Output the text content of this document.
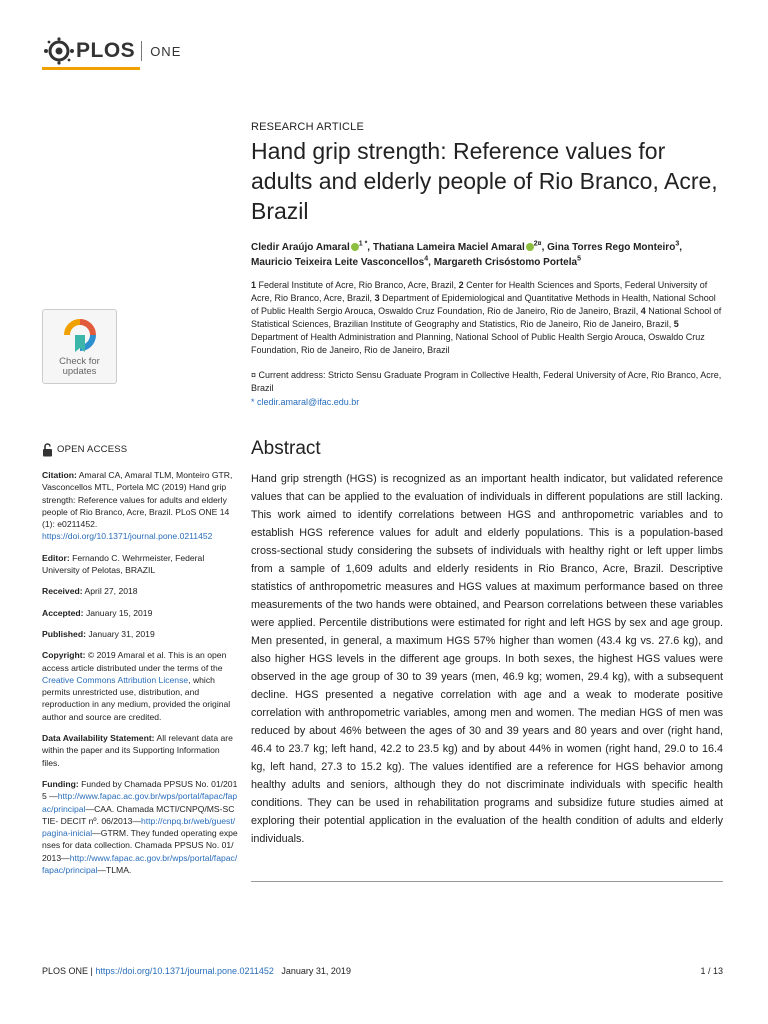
PLOS ONE
RESEARCH ARTICLE
Hand grip strength: Reference values for adults and elderly people of Rio Branco, Acre, Brazil
Cledir Araújo Amaral $^{1 *}$, Thatiana Lameira Maciel Amaral $^{2¤}$, Gina Torres Rego Monteiro$^3$, Mauricio Teixeira Leite Vasconcellos$^4$, Margareth Crisóstomo Portela$^5$
1 Federal Institute of Acre, Rio Branco, Acre, Brazil, 2 Center for Health Sciences and Sports, Federal University of Acre, Rio Branco, Acre, Brazil, 3 Department of Epidemiological and Quantitative Methods in Health, National School of Public Health Sergio Arouca, Oswaldo Cruz Foundation, Rio de Janeiro, Rio de Janeiro, Brazil, 4 National School of Statistical Sciences, Brazilian Institute of Geography and Statistics, Rio de Janeiro, Rio de Janeiro, Brazil, 5 Department of Health Administration and Planning, National School of Public Health Sergio Arouca, Oswaldo Cruz Foundation, Rio de Janeiro, Rio de Janeiro, Brazil
¤ Current address: Stricto Sensu Graduate Program in Collective Health, Federal University of Acre, Rio Branco, Acre, Brazil
* cledir.amaral@ifac.edu.br
Check for
updates
OPEN ACCESS
Citation: Amaral CA, Amaral TLM, Monteiro GTR, Vasconcellos MTL, Portela MC (2019) Hand grip strength: Reference values for adults and elderly people of Rio Branco, Acre, Brazil. PLoS ONE 14 (1): e0211452. https://doi.org/10.1371/journal.pone.0211452
Editor: Fernando C. Wehrmeister, Federal University of Pelotas, BRAZIL
Received: April 27, 2018
Accepted: January 15, 2019
Published: January 31, 2019
Copyright: © 2019 Amaral et al. This is an open access article distributed under the terms of the Creative Commons Attribution License, which permits unrestricted use, distribution, and reproduction in any medium, provided the original author and source are credited.
Data Availability Statement: All relevant data are within the paper and its Supporting Information files.
Funding: Funded by Chamada PPSUS No. 01/2015 —http://www.fapac.ac.gov.br/wps/portal/fapac/fapac/principal—CAA. Chamada MCTI/CNPQ/MS-SCTIE- DECIT nº. 06/2013—http://cnpq.br/web/guest/pagina-inicial—GTRM. They funded operating expenses for data collection. Chamada PPSUS No. 01/2013—http://www.fapac.ac.gov.br/wps/portal/fapac/fapac/principal—TLMA.
Abstract
Hand grip strength (HGS) is recognized as an important health indicator, but validated reference values that can be applied to the evaluation of individuals in different populations are still lacking. This work aimed to identify correlations between HGS and anthropometric variables and to establish HGS reference values for adult and elderly populations. This is a population-based cross-sectional study considering the subsets of individuals with healthy right or left upper limbs from a sample of 1,609 adults and elderly residents in Rio Branco, Acre, Brazil. Descriptive statistics of anthropometric measures and HGS values at maximum performance based on three measurements of the two hands were obtained, and Pearson correlations between these variables were applied. Percentile distributions were estimated for right and left HGS by sex and age group. Men presented, in general, a maximum HGS 57% higher than women (43.4 kg vs. 27.6 kg), and also higher HGS levels in the different age groups. In both sexes, the highest HGS values were observed in the age group of 30 to 39 years (men, 46.9 kg; women, 29.4 kg), with a subsequent decline. HGS presented a negative correlation with age and a weak to moderate positive correlation with anthropometric variables, among men and women. The median HGS of men was reduced by about 46% between the ages of 30 and 39 years and 80 years and over (right hand, 46.4 to 23.7 kg; left hand, 42.2 to 23.5 kg) and by about 44% in women (right hand, 29.0 to 16.4 kg, left hand, 27.3 to 15.2 kg). The values identified are a reference for HGS behavior among healthy adults and seniors, although they do not discriminate individuals with specific health conditions. They can be used in rehabilitation programs and subsidize future studies aimed at exploring their potential application in the evaluation of the health condition of adults and elderly individuals.
PLOS ONE | https://doi.org/10.1371/journal.pone.0211452 January 31, 2019	1 / 13
